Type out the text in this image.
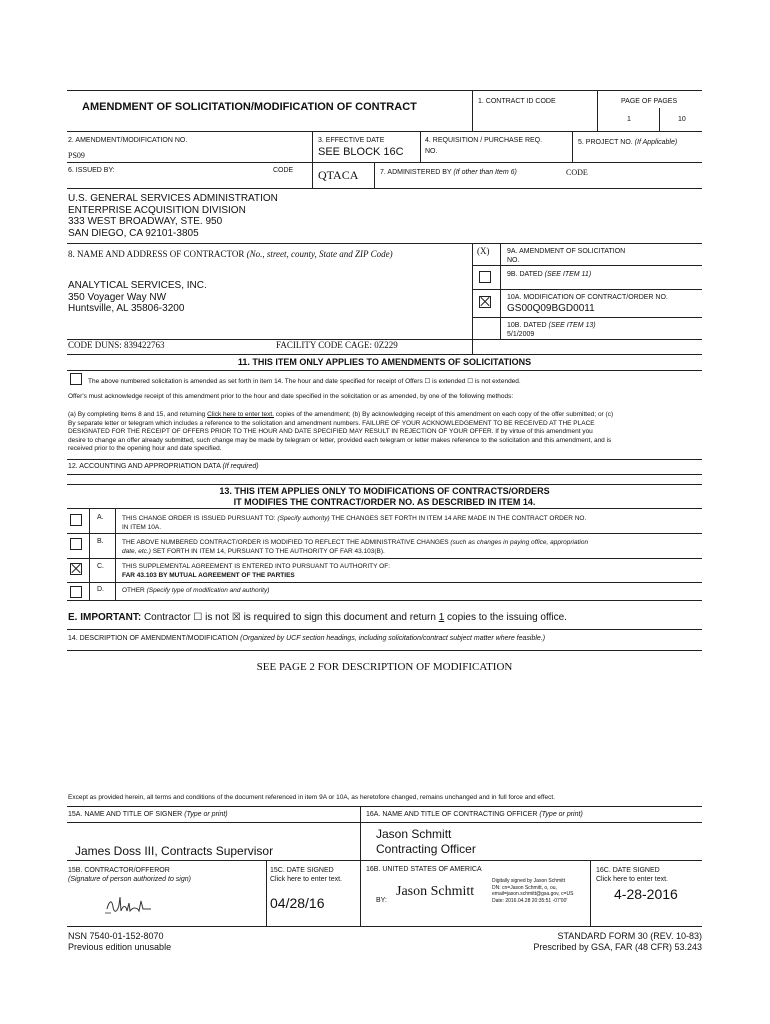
AMENDMENT OF SOLICITATION/MODIFICATION OF CONTRACT	1. CONTRACT ID CODE	PAGE OF PAGES
1	10
2. AMENDMENT/MODIFICATION NO.
PS09
3. EFFECTIVE DATE
SEE BLOCK 16C
4. REQUISITION / PURCHASE REQ.
NO.
5. PROJECT NO. (If Applicable)
6. ISSUED BY:	CODE QTACA	7. ADMINISTERED BY (If other than Item 6)	CODE
U.S. GENERAL SERVICES ADMINISTRATION
ENTERPRISE ACQUISITION DIVISION
333 WEST BROADWAY, STE. 950
SAN DIEGO, CA 92101-3805
8. NAME AND ADDRESS OF CONTRACTOR (No., street, county, State and ZIP Code)
ANALYTICAL SERVICES, INC.
350 Voyager Way NW
Huntsville, AL 35806-3200
CODE DUNS: 839422763	FACILITY CODE CAGE: 0Z229
(X)	9A. AMENDMENT OF SOLICITATION
NO.
9B. DATED (SEE ITEM 11)
10A. MODIFICATION OF CONTRACT/ORDER NO.
GS00Q09BGD0011
10B. DATED (SEE ITEM 13)
5/1/2009
11. THIS ITEM ONLY APPLIES TO AMENDMENTS OF SOLICITATIONS
The above numbered solicitation is amended as set forth in item 14. The hour and date specified for receipt of Offers ☐ is extended ☐ is not extended.
Offer's must acknowledge receipt of this amendment prior to the hour and date specified in the solicitation or as amended, by one of the following methods:
(a) By completing Items 8 and 15, and returning Click here to enter text. copies of the amendment; (b) By acknowledging receipt of this amendment on each copy of the offer submitted; or (c)
By separate letter or telegram which includes a reference to the solicitation and amendment numbers. FAILURE OF YOUR ACKNOWLEDGEMENT TO BE RECEIVED AT THE PLACE
DESIGNATED FOR THE RECEIPT OF OFFERS PRIOR TO THE HOUR AND DATE SPECIFIED MAY RESULT IN REJECTION OF YOUR OFFER. If by virtue of this amendment you
desire to change an offer already submitted, such change may be made by telegram or letter, provided each telegram or letter makes reference to the solicitation and this amendment, and is
received prior to the opening hour and date specified.
12. ACCOUNTING AND APPROPRIATION DATA (If required)
13. THIS ITEM APPLIES ONLY TO MODIFICATIONS OF CONTRACTS/ORDERS
IT MODIFIES THE CONTRACT/ORDER NO. AS DESCRIBED IN ITEM 14.
A.	THIS CHANGE ORDER IS ISSUED PURSUANT TO: (Specify authority) THE CHANGES SET FORTH IN ITEM 14 ARE MADE IN THE CONTRACT ORDER NO.
IN ITEM 10A.
B.	THE ABOVE NUMBERED CONTRACT/ORDER IS MODIFIED TO REFLECT THE ADMINISTRATIVE CHANGES (such as changes in paying office, appropriation
date, etc.) SET FORTH IN ITEM 14, PURSUANT TO THE AUTHORITY OF FAR 43.103(B).
C.	THIS SUPPLEMENTAL AGREEMENT IS ENTERED INTO PURSUANT TO AUTHORITY OF:
FAR 43.103 BY MUTUAL AGREEMENT OF THE PARTIES
D.	OTHER (Specify type of modification and authority)
E. IMPORTANT: Contractor ☐ is not ☒ is required to sign this document and return 1 copies to the issuing office.
14. DESCRIPTION OF AMENDMENT/MODIFICATION (Organized by UCF section headings, including solicitation/contract subject matter where feasible.)
SEE PAGE 2 FOR DESCRIPTION OF MODIFICATION
Except as provided herein, all terms and conditions of the document referenced in item 9A or 10A, as heretofore changed, remains unchanged and in full force and effect.
15A. NAME AND TITLE OF SIGNER (Type or print)
James Doss III, Contracts Supervisor
16A. NAME AND TITLE OF CONTRACTING OFFICER (Type or print)
Jason Schmitt
Contracting Officer
15B. CONTRACTOR/OFFEROR
(Signature of person authorized to sign)
15C. DATE SIGNED
Click here to enter text.
04/28/16
16B. UNITED STATES OF AMERICA
BY:
Jason Schmitt
Digitally signed by Jason Schmitt
DN: cn=Jason Schmitt, o, ou,
email=jason.schmitt@gsa.gov, c=US
Date: 2016.04.28 20:35:51 -07'00'
16C. DATE SIGNED
Click here to enter text.
4-28-2016
NSN 7540-01-152-8070
Previous edition unusable
STANDARD FORM 30 (REV. 10-83)
Prescribed by GSA, FAR (48 CFR) 53.243
